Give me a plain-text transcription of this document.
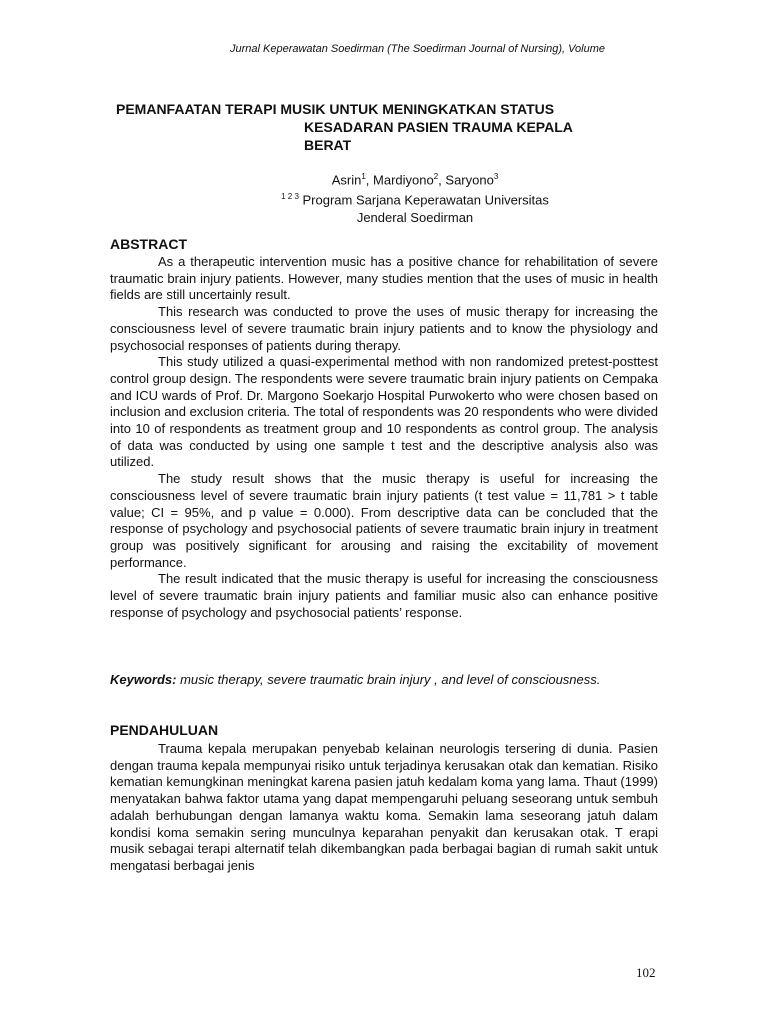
Jurnal Keperawatan Soedirman (The Soedirman Journal of Nursing), Volume
PEMANFAATAN TERAPI MUSIK UNTUK MENINGKATKAN STATUS
KESADARAN PASIEN TRAUMA KEPALA
BERAT
Asrin$^1$, Mardiyono$^2$, Saryono$^3$
$^{1 2 3}$ Program Sarjana Keperawatan Universitas
Jenderal Soedirman
ABSTRACT

As a therapeutic intervention music has a positive chance for rehabilitation of severe traumatic brain injury patients. However, many studies mention that the uses of music in health fields are still uncertainly result.

This research was conducted to prove the uses of music therapy for increasing the consciousness level of severe traumatic brain injury patients and to know the physiology and psychosocial responses of patients during therapy.

This study utilized a quasi-experimental method with non randomized pretest-posttest control group design. The respondents were severe traumatic brain injury patients on Cempaka and ICU wards of Prof. Dr. Margono Soekarjo Hospital Purwokerto who were chosen based on inclusion and exclusion criteria. The total of respondents was 20 respondents who were divided into 10 of respondents as treatment group and 10 respondents as control group. The analysis of data was conducted by using one sample t test and the descriptive analysis also was utilized.

The study result shows that the music therapy is useful for increasing the consciousness level of severe traumatic brain injury patients (t test value = 11,781 > t table value; CI = 95%, and p value = 0.000). From descriptive data can be concluded that the response of psychology and psychosocial patients of severe traumatic brain injury in treatment group was positively significant for arousing and raising the excitability of movement performance.

The result indicated that the music therapy is useful for increasing the consciousness level of severe traumatic brain injury patients and familiar music also can enhance positive response of psychology and psychosocial patients’ response.

Keywords: music therapy, severe traumatic brain injury , and level of consciousness.
PENDAHULUAN

Trauma kepala merupakan penyebab kelainan neurologis tersering di dunia. Pasien dengan trauma kepala mempunyai risiko untuk terjadinya kerusakan otak dan kematian. Risiko kematian kemungkinan meningkat karena pasien jatuh kedalam koma yang lama. Thaut (1999) menyatakan bahwa faktor utama yang dapat mempengaruhi peluang seseorang untuk sembuh adalah berhubungan dengan lamanya waktu koma. Semakin lama seseorang jatuh dalam kondisi koma semakin sering munculnya keparahan penyakit dan kerusakan otak. T erapi musik sebagai terapi alternatif telah dikembangkan pada berbagai bagian di rumah sakit untuk mengatasi berbagai jenis

102
